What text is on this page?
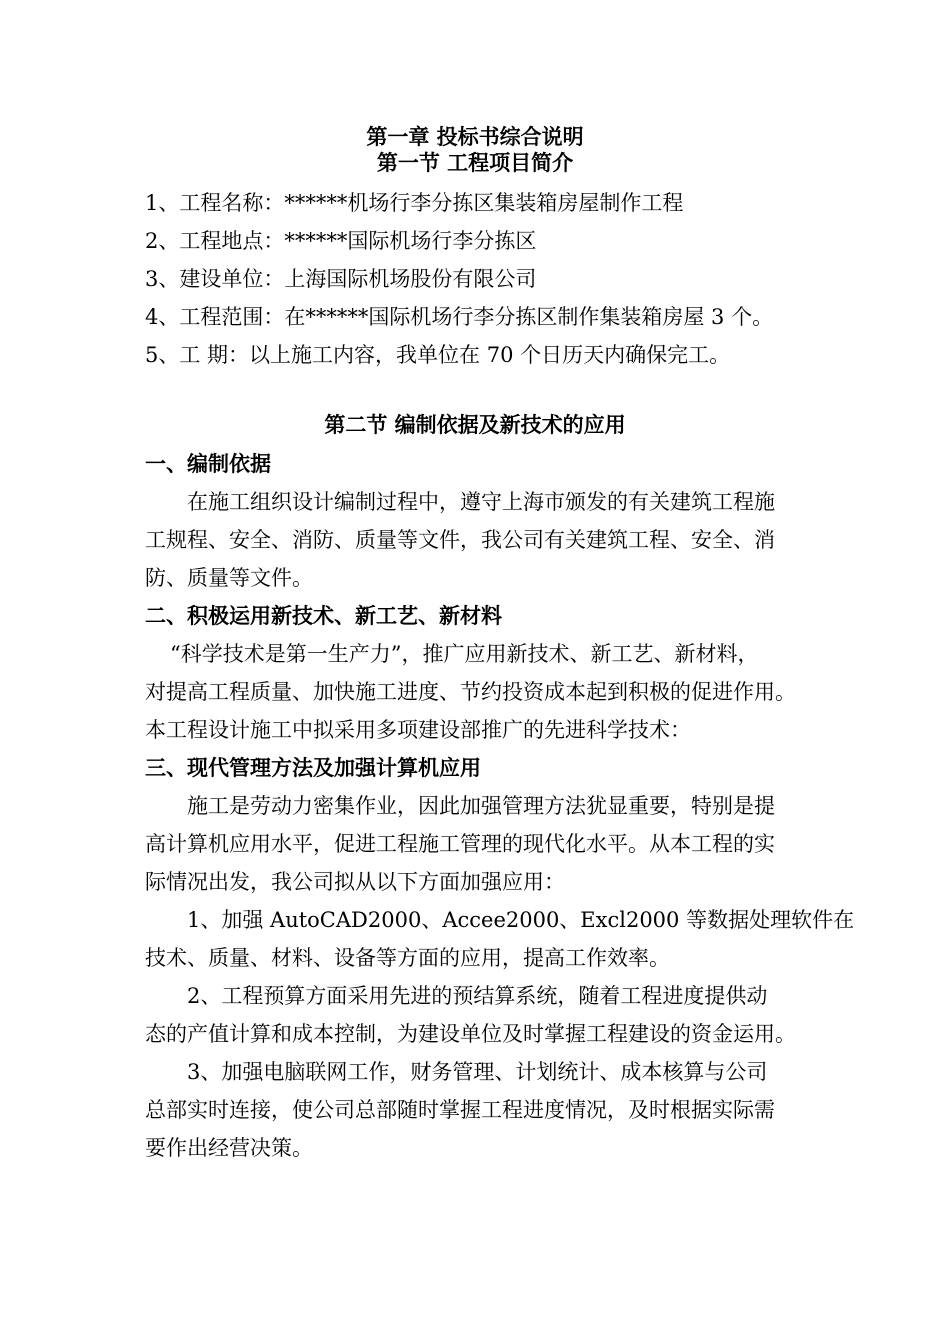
第一章 投标书综合说明
第一节 工程项目简介
1、工程名称：******机场行李分拣区集装箱房屋制作工程
2、工程地点：******国际机场行李分拣区
3、建设单位：上海国际机场股份有限公司
4、工程范围：在******国际机场行李分拣区制作集装箱房屋 3 个。
5、工 期：以上施工内容，我单位在 70 个日历天内确保完工。
第二节 编制依据及新技术的应用
一、编制依据
在施工组织设计编制过程中，遵守上海市颁发的有关建筑工程施
工规程、安全、消防、质量等文件，我公司有关建筑工程、安全、消
防、质量等文件。
二、积极运用新技术、新工艺、新材料
“科学技术是第一生产力”，推广应用新技术、新工艺、新材料，
对提高工程质量、加快施工进度、节约投资成本起到积极的促进作用。
本工程设计施工中拟采用多项建设部推广的先进科学技术：
三、现代管理方法及加强计算机应用
施工是劳动力密集作业，因此加强管理方法犹显重要，特别是提
高计算机应用水平，促进工程施工管理的现代化水平。从本工程的实
际情况出发，我公司拟从以下方面加强应用：
1、加强 AutoCAD2000、Accee2000、Excl2000 等数据处理软件在
技术、质量、材料、设备等方面的应用，提高工作效率。
2、工程预算方面采用先进的预结算系统，随着工程进度提供动
态的产值计算和成本控制，为建设单位及时掌握工程建设的资金运用。
3、加强电脑联网工作，财务管理、计划统计、成本核算与公司
总部实时连接，使公司总部随时掌握工程进度情况，及时根据实际需
要作出经营决策。
